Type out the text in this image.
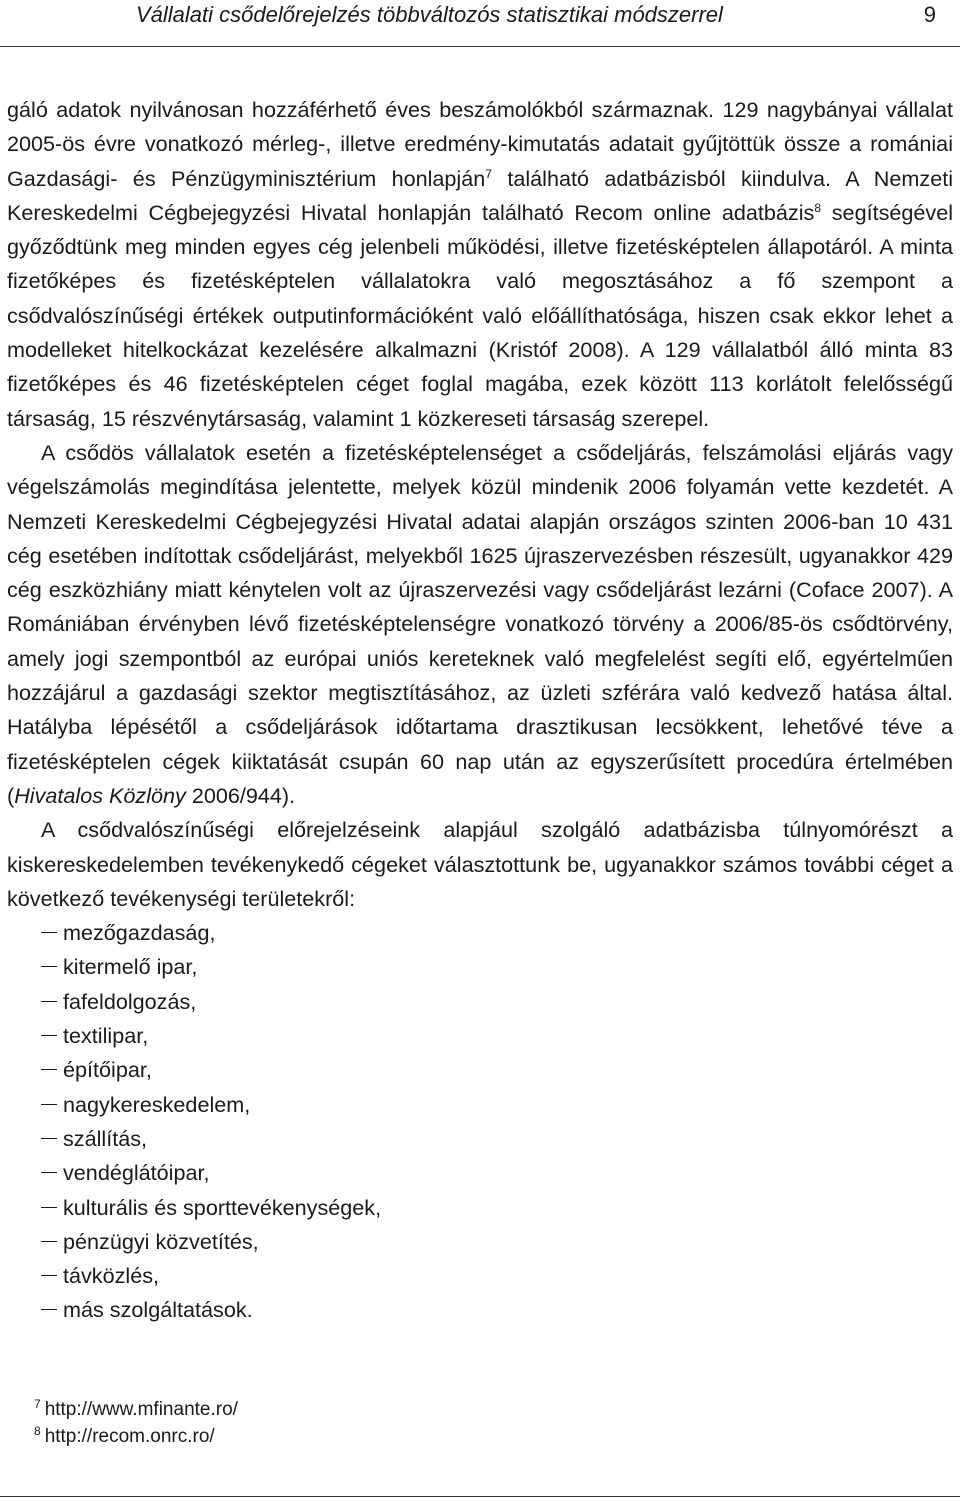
Vállalati csődelőrejelzés többváltozós statisztikai módszerrel	9

gáló adatok nyilvánosan hozzáférhető éves beszámolókból származnak. 129 nagybányai vállalat 2005-ös évre vonatkozó mérleg-, illetve eredmény-kimutatás adatait gyűjtöttük össze a romániai Gazdasági- és Pénzügyminisztérium honlapján$^7$ található adatbázisból kiindulva. A Nemzeti Kereskedelmi Cégbejegyzési Hivatal honlapján található Recom online adatbázis$^8$ segítségével győződtünk meg minden egyes cég jelenbeli működési, illetve fizetésképtelen állapotáról. A minta fizetőképes és fizetésképtelen vállalatokra való megosztásához a fő szempont a csődvalószínűségi értékek outputinformációként való előállíthatósága, hiszen csak ekkor lehet a modelleket hitelkockázat kezelésére alkalmazni (Kristóf 2008). A 129 vállalatból álló minta 83 fizetőképes és 46 fizetésképtelen céget foglal magába, ezek között 113 korlátolt felelősségű társaság, 15 részvénytársaság, valamint 1 közkereseti társaság szerepel.

A csődös vállalatok esetén a fizetésképtelenséget a csődeljárás, felszámolási eljárás vagy végelszámolás megindítása jelentette, melyek közül mindenik 2006 folyamán vette kezdetét. A Nemzeti Kereskedelmi Cégbejegyzési Hivatal adatai alapján országos szinten 2006-ban 10 431 cég esetében indítottak csődeljárást, melyekből 1625 újraszervezésben részesült, ugyanakkor 429 cég eszközhiány miatt kénytelen volt az újraszervezési vagy csődeljárást lezárni (Coface 2007). A Romániában érvényben lévő fizetésképtelenségre vonatkozó törvény a 2006/85-ös csődtörvény, amely jogi szempontból az európai uniós kereteknek való megfelelést segíti elő, egyértelműen hozzájárul a gazdasági szektor megtisztításához, az üzleti szférára való kedvező hatása által. Hatályba lépésétől a csődeljárások időtartama drasztikusan lecsökkent, lehetővé téve a fizetésképtelen cégek kiiktatását csupán 60 nap után az egyszerűsített procedúra értelmében (Hivatalos Közlöny 2006/944).

A csődvalószínűségi előrejelzéseink alapjául szolgáló adatbázisba túlnyomórészt a kiskereskedelemben tevékenykedő cégeket választottunk be, ugyanakkor számos további céget a következő tevékenységi területekről:

mezőgazdaság,
kitermelő ipar,
fafeldolgozás,
textilipar,
építőipar,
nagykereskedelem,
szállítás,
vendéglátóipar,
kulturális és sporttevékenységek,
pénzügyi közvetítés,
távközlés,
más szolgáltatások.
$^7$ http://www.mfinante.ro/
$^8$ http://recom.onrc.ro/
